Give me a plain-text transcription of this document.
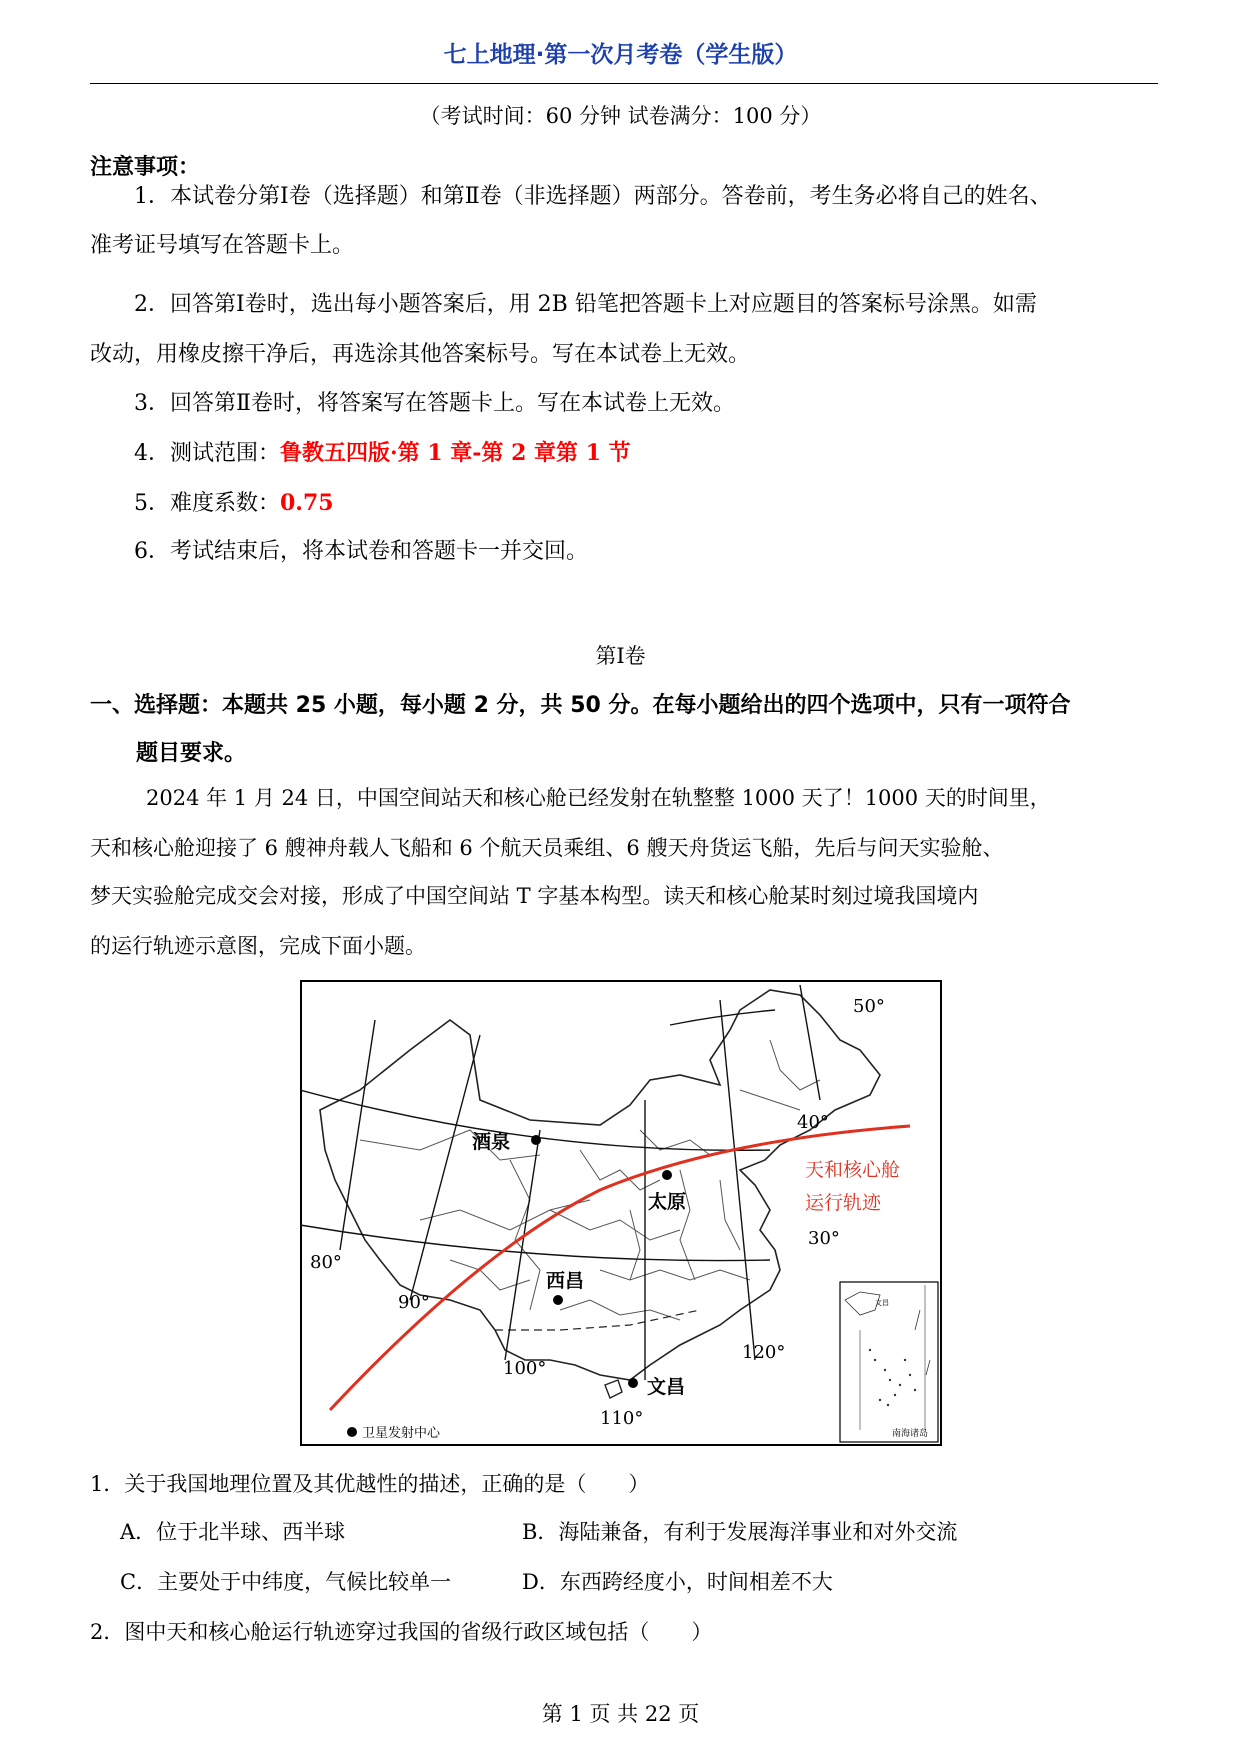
七上地理·第一次月考卷（学生版）
（考试时间：60 分钟 试卷满分：100 分）
注意事项：
1．本试卷分第Ⅰ卷（选择题）和第Ⅱ卷（非选择题）两部分。答卷前，考生务必将自己的姓名、
准考证号填写在答题卡上。
2．回答第Ⅰ卷时，选出每小题答案后，用 2B 铅笔把答题卡上对应题目的答案标号涂黑。如需
改动，用橡皮擦干净后，再选涂其他答案标号。写在本试卷上无效。
3．回答第Ⅱ卷时，将答案写在答题卡上。写在本试卷上无效。
4．测试范围：鲁教五四版·第 1 章-第 2 章第 1 节
5．难度系数：0.75
6．考试结束后，将本试卷和答题卡一并交回。
第Ⅰ卷
一、选择题：本题共 25 小题，每小题 2 分，共 50 分。在每小题给出的四个选项中，只有一项符合
题目要求。
2024 年 1 月 24 日，中国空间站天和核心舱已经发射在轨整整 1000 天了！1000 天的时间里，
天和核心舱迎接了 6 艘神舟载人飞船和 6 个航天员乘组、6 艘天舟货运飞船，先后与问天实验舱、
梦天实验舱完成交会对接，形成了中国空间站 T 字基本构型。读天和核心舱某时刻过境我国境内
的运行轨迹示意图，完成下面小题。
50°
40°
30°
80°
90°
100°
110°
120°
酒泉
太原
西昌
文昌
天和核心舱
运行轨迹
卫星发射中心	南海诸岛
文昌
1．关于我国地理位置及其优越性的描述，正确的是（　　）
A．位于北半球、西半球	B．海陆兼备，有利于发展海洋事业和对外交流
C．主要处于中纬度，气候比较单一	D．东西跨经度小，时间相差不大
2．图中天和核心舱运行轨迹穿过我国的省级行政区域包括（　　）
第 1 页 共 22 页
